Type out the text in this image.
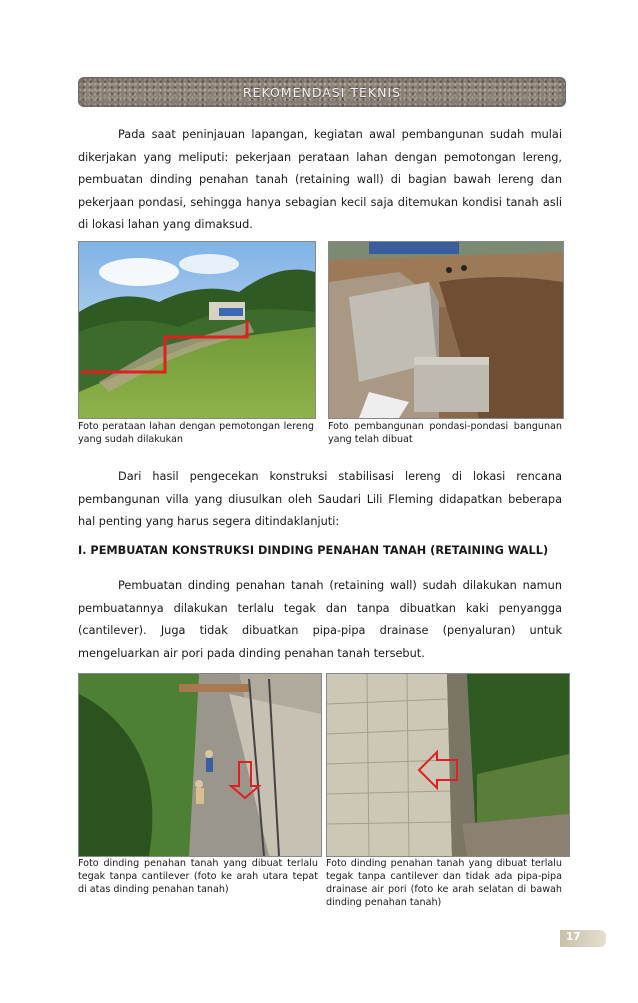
REKOMENDASI TEKNIS

Pada saat peninjauan lapangan, kegiatan awal pembangunan sudah mulai dikerjakan yang meliputi: pekerjaan perataan lahan dengan pemotongan lereng, pembuatan dinding penahan tanah (retaining wall) di bagian bawah lereng dan pekerjaan pondasi, sehingga hanya sebagian kecil saja ditemukan kondisi tanah asli di lokasi lahan yang dimaksud.

Foto perataan lahan dengan pemotongan lereng yang sudah dilakukan

Foto pembangunan pondasi-pondasi bangunan yang telah dibuat

Dari hasil pengecekan konstruksi stabilisasi lereng di lokasi rencana pembangunan villa yang diusulkan oleh Saudari Lili Fleming didapatkan beberapa hal penting yang harus segera ditindaklanjuti:

I. PEMBUATAN KONSTRUKSI DINDING PENAHAN TANAH (RETAINING WALL)

Pembuatan dinding penahan tanah (retaining wall) sudah dilakukan namun pembuatannya dilakukan terlalu tegak dan tanpa dibuatkan kaki penyangga (cantilever). Juga tidak dibuatkan pipa-pipa drainase (penyaluran) untuk mengeluarkan air pori pada dinding penahan tanah tersebut.

Foto dinding penahan tanah yang dibuat terlalu tegak tanpa cantilever (foto ke arah utara tepat di atas dinding penahan tanah)

Foto dinding penahan tanah yang dibuat terlalu tegak tanpa cantilever dan tidak ada pipa-pipa drainase air pori (foto ke arah selatan di bawah dinding penahan tanah)

17
